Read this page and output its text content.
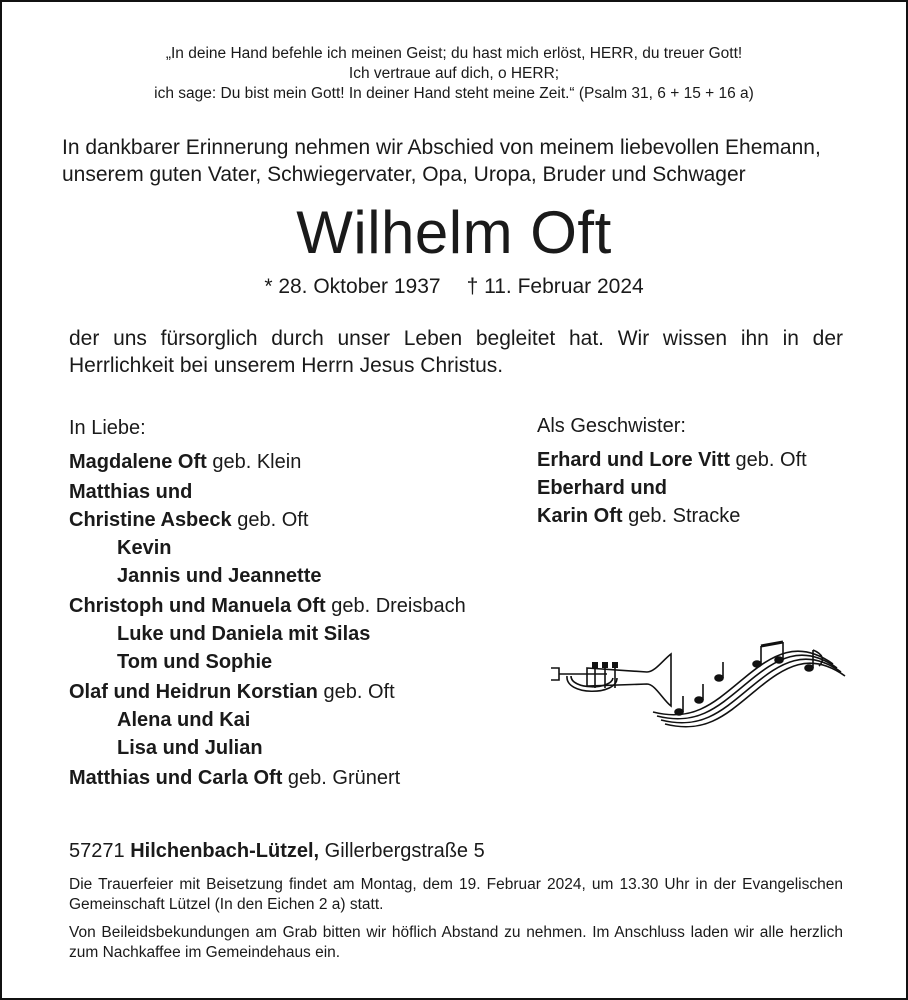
„In deine Hand befehle ich meinen Geist; du hast mich erlöst, HERR, du treuer Gott!
Ich vertraue auf dich, o HERR;
ich sage: Du bist mein Gott! In deiner Hand steht meine Zeit.“ (Psalm 31, 6 + 15 + 16 a)
In dankbarer Erinnerung nehmen wir Abschied von meinem liebevollen Ehemann,
unserem guten Vater, Schwiegervater, Opa, Uropa, Bruder und Schwager
Wilhelm Oft
* 28. Oktober 1937 † 11. Februar 2024
der uns fürsorglich durch unser Leben begleitet hat. Wir wissen ihn in der Herrlichkeit bei unserem Herrn Jesus Christus.
In Liebe:
Magdalene Oft geb. Klein
Matthias und
Christine Asbeck geb. Oft
Kevin
Jannis und Jeannette
Christoph und Manuela Oft geb. Dreisbach
Luke und Daniela mit Silas
Tom und Sophie
Olaf und Heidrun Korstian geb. Oft
Alena und Kai
Lisa und Julian
Matthias und Carla Oft geb. Grünert
Als Geschwister:
Erhard und Lore Vitt geb. Oft
Eberhard und
Karin Oft geb. Stracke
57271 Hilchenbach-Lützel, Gillerbergstraße 5
Die Trauerfeier mit Beisetzung findet am Montag, dem 19. Februar 2024, um 13.30 Uhr in der Evangelischen Gemeinschaft Lützel (In den Eichen 2 a) statt.
Von Beileidsbekundungen am Grab bitten wir höflich Abstand zu nehmen. Im Anschluss laden wir alle herzlich zum Nachkaffee im Gemeindehaus ein.
